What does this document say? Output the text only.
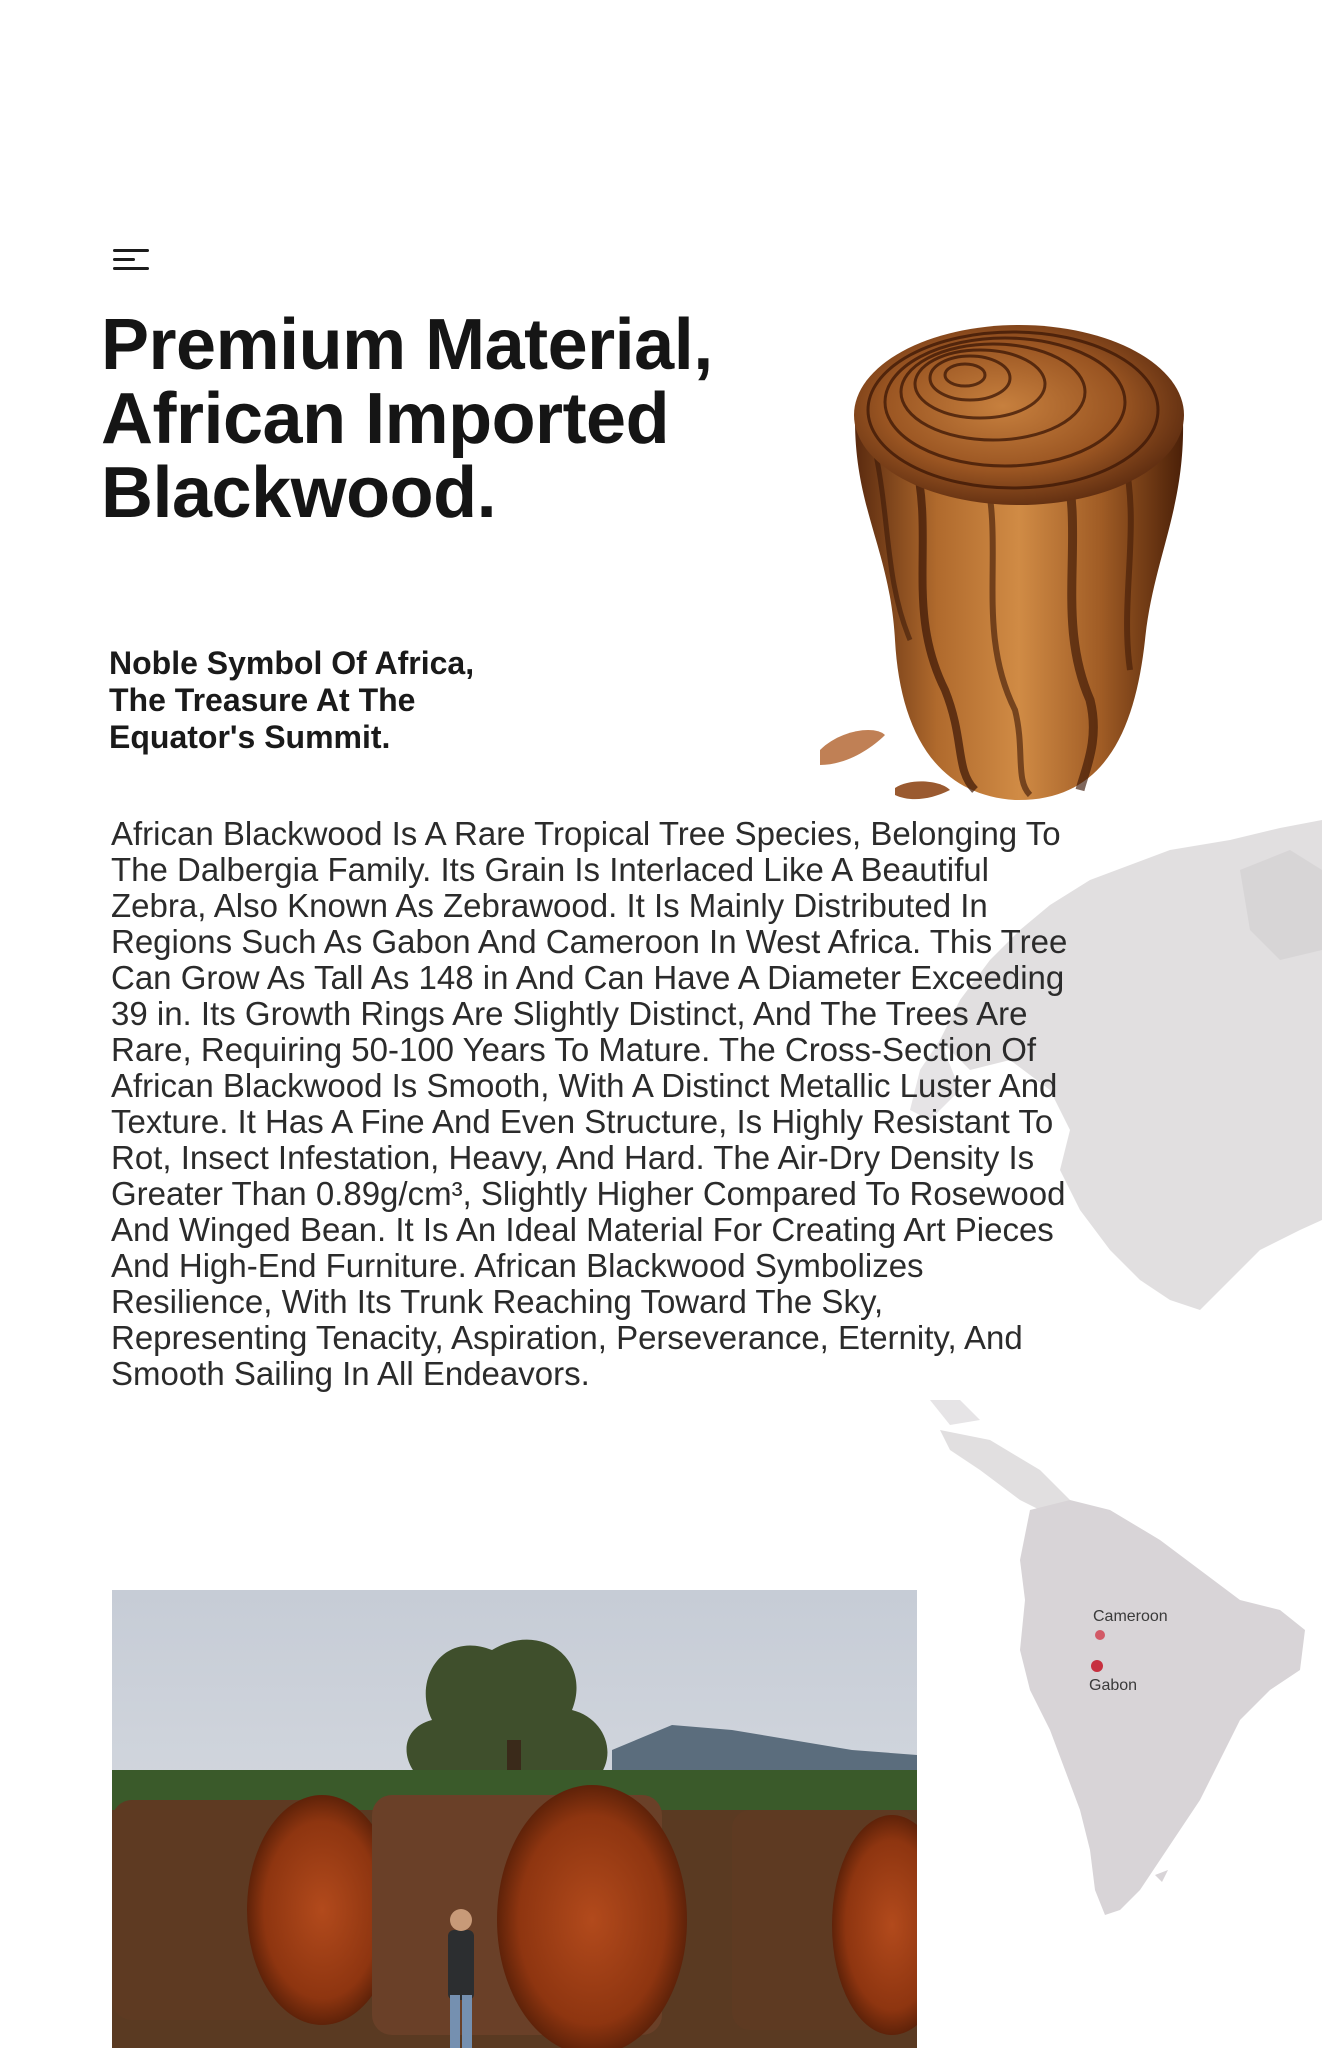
Cameroon
Gabon
Premium Material, African Imported Blackwood.
Noble Symbol Of Africa, The Treasure At The Equator's Summit.

African Blackwood Is A Rare Tropical Tree Species, Belonging To The Dalbergia Family. Its Grain Is Interlaced Like A Beautiful Zebra, Also Known As Zebrawood. It Is Mainly Distributed In Regions Such As Gabon And Cameroon In West Africa. This Tree Can Grow As Tall As 148 in And Can Have A Diameter Exceeding 39 in. Its Growth Rings Are Slightly Distinct, And The Trees Are Rare, Requiring 50-100 Years To Mature. The Cross-Section Of African Blackwood Is Smooth, With A Distinct Metallic Luster And Texture. It Has A Fine And Even Structure, Is Highly Resistant To Rot, Insect Infestation, Heavy, And Hard. The Air-Dry Density Is Greater Than 0.89g/cm³, Slightly Higher Compared To Rosewood And Winged Bean. It Is An Ideal Material For Creating Art Pieces And High-End Furniture. African Blackwood Symbolizes Resilience, With Its Trunk Reaching Toward The Sky, Representing Tenacity, Aspiration, Perseverance, Eternity, And Smooth Sailing In All Endeavors.
